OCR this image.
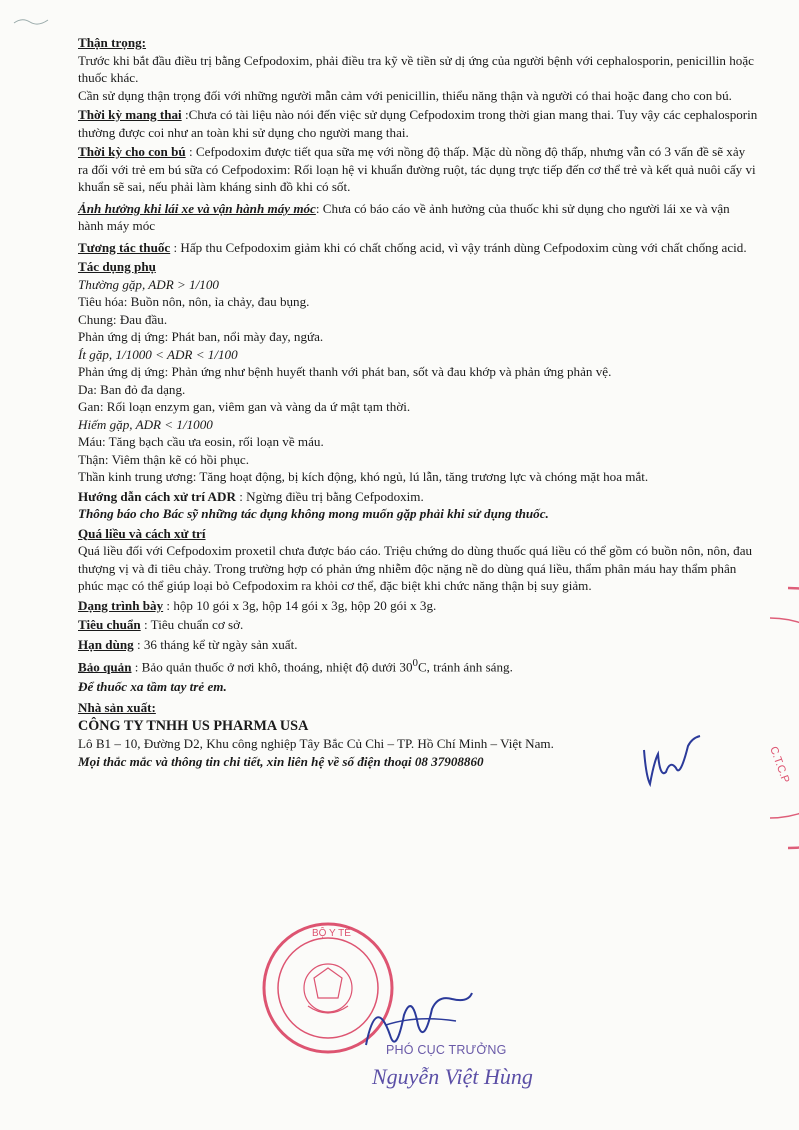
Thận trọng:
Trước khi bắt đầu điều trị bằng Cefpodoxim, phải điều tra kỹ về tiền sử dị ứng của người bệnh với cephalosporin, penicillin hoặc thuốc khác.
Cần sử dụng thận trọng đối với những người mẫn cảm với penicillin, thiểu năng thận và người có thai hoặc đang cho con bú.

Thời kỳ mang thai :Chưa có tài liệu nào nói đến việc sử dụng Cefpodoxim trong thời gian mang thai. Tuy vậy các cephalosporin thường được coi như an toàn khi sử dụng cho người mang thai.

Thời kỳ cho con bú : Cefpodoxim được tiết qua sữa mẹ với nồng độ thấp. Mặc dù nồng độ thấp, nhưng vẫn có 3 vấn đề sẽ xảy ra đối với trẻ em bú sữa có Cefpodoxim: Rối loạn hệ vi khuẩn đường ruột, tác dụng trực tiếp đến cơ thể trẻ và kết quả nuôi cấy vi khuẩn sẽ sai, nếu phải làm kháng sinh đồ khi có sốt.

Ảnh hưởng khi lái xe và vận hành máy móc: Chưa có báo cáo về ảnh hưởng của thuốc khi sử dụng cho người lái xe và vận hành máy móc

Tương tác thuốc : Hấp thu Cefpodoxim giảm khi có chất chống acid, vì vậy tránh dùng Cefpodoxim cùng với chất chống acid.

Tác dụng phụ
Thường gặp, ADR > 1/100
Tiêu hóa: Buồn nôn, nôn, ỉa chảy, đau bụng.
Chung: Đau đầu.
Phản ứng dị ứng: Phát ban, nổi mày đay, ngứa.
Ít gặp, 1/1000 < ADR < 1/100
Phản ứng dị ứng: Phản ứng như bệnh huyết thanh với phát ban, sốt và đau khớp và phản ứng phản vệ.
Da: Ban đỏ đa dạng.
Gan: Rối loạn enzym gan, viêm gan và vàng da ứ mật tạm thời.
Hiếm gặp, ADR < 1/1000
Máu: Tăng bạch cầu ưa eosin, rối loạn về máu.
Thận: Viêm thận kẽ có hồi phục.
Thần kinh trung ương: Tăng hoạt động, bị kích động, khó ngủ, lú lẫn, tăng trương lực và chóng mặt hoa mắt.

Hướng dẫn cách xử trí ADR : Ngừng điều trị bằng Cefpodoxim.
Thông báo cho Bác sỹ những tác dụng không mong muốn gặp phải khi sử dụng thuốc.

Quá liều và cách xử trí
Quá liều đối với Cefpodoxim proxetil chưa được báo cáo. Triệu chứng do dùng thuốc quá liều có thể gồm có buồn nôn, nôn, đau thượng vị và đi tiêu chảy. Trong trường hợp có phản ứng nhiễm độc nặng nề do dùng quá liều, thẩm phân máu hay thẩm phân phúc mạc có thể giúp loại bỏ Cefpodoxim ra khỏi cơ thể, đặc biệt khi chức năng thận bị suy giảm.

Dạng trình bày : hộp 10 gói x 3g, hộp 14 gói x 3g, hộp 20 gói x 3g.

Tiêu chuẩn : Tiêu chuẩn cơ sở.

Hạn dùng : 36 tháng kể từ ngày sản xuất.

Bảo quản : Bảo quản thuốc ở nơi khô, thoáng, nhiệt độ dưới $30^0C$, tránh ánh sáng.

Để thuốc xa tầm tay trẻ em.

Nhà sản xuất:
CÔNG TY TNHH US PHARMA USA
Lô B1 – 10, Đường D2, Khu công nghiệp Tây Bắc Củ Chi – TP. Hồ Chí Minh – Việt Nam.
Mọi thắc mắc và thông tin chi tiết, xin liên hệ về số điện thoại 08 37908860	C.T.C.P
BỘ Y TẾ
PHÓ CỤC TRƯỞNG
Nguyễn Việt Hùng
